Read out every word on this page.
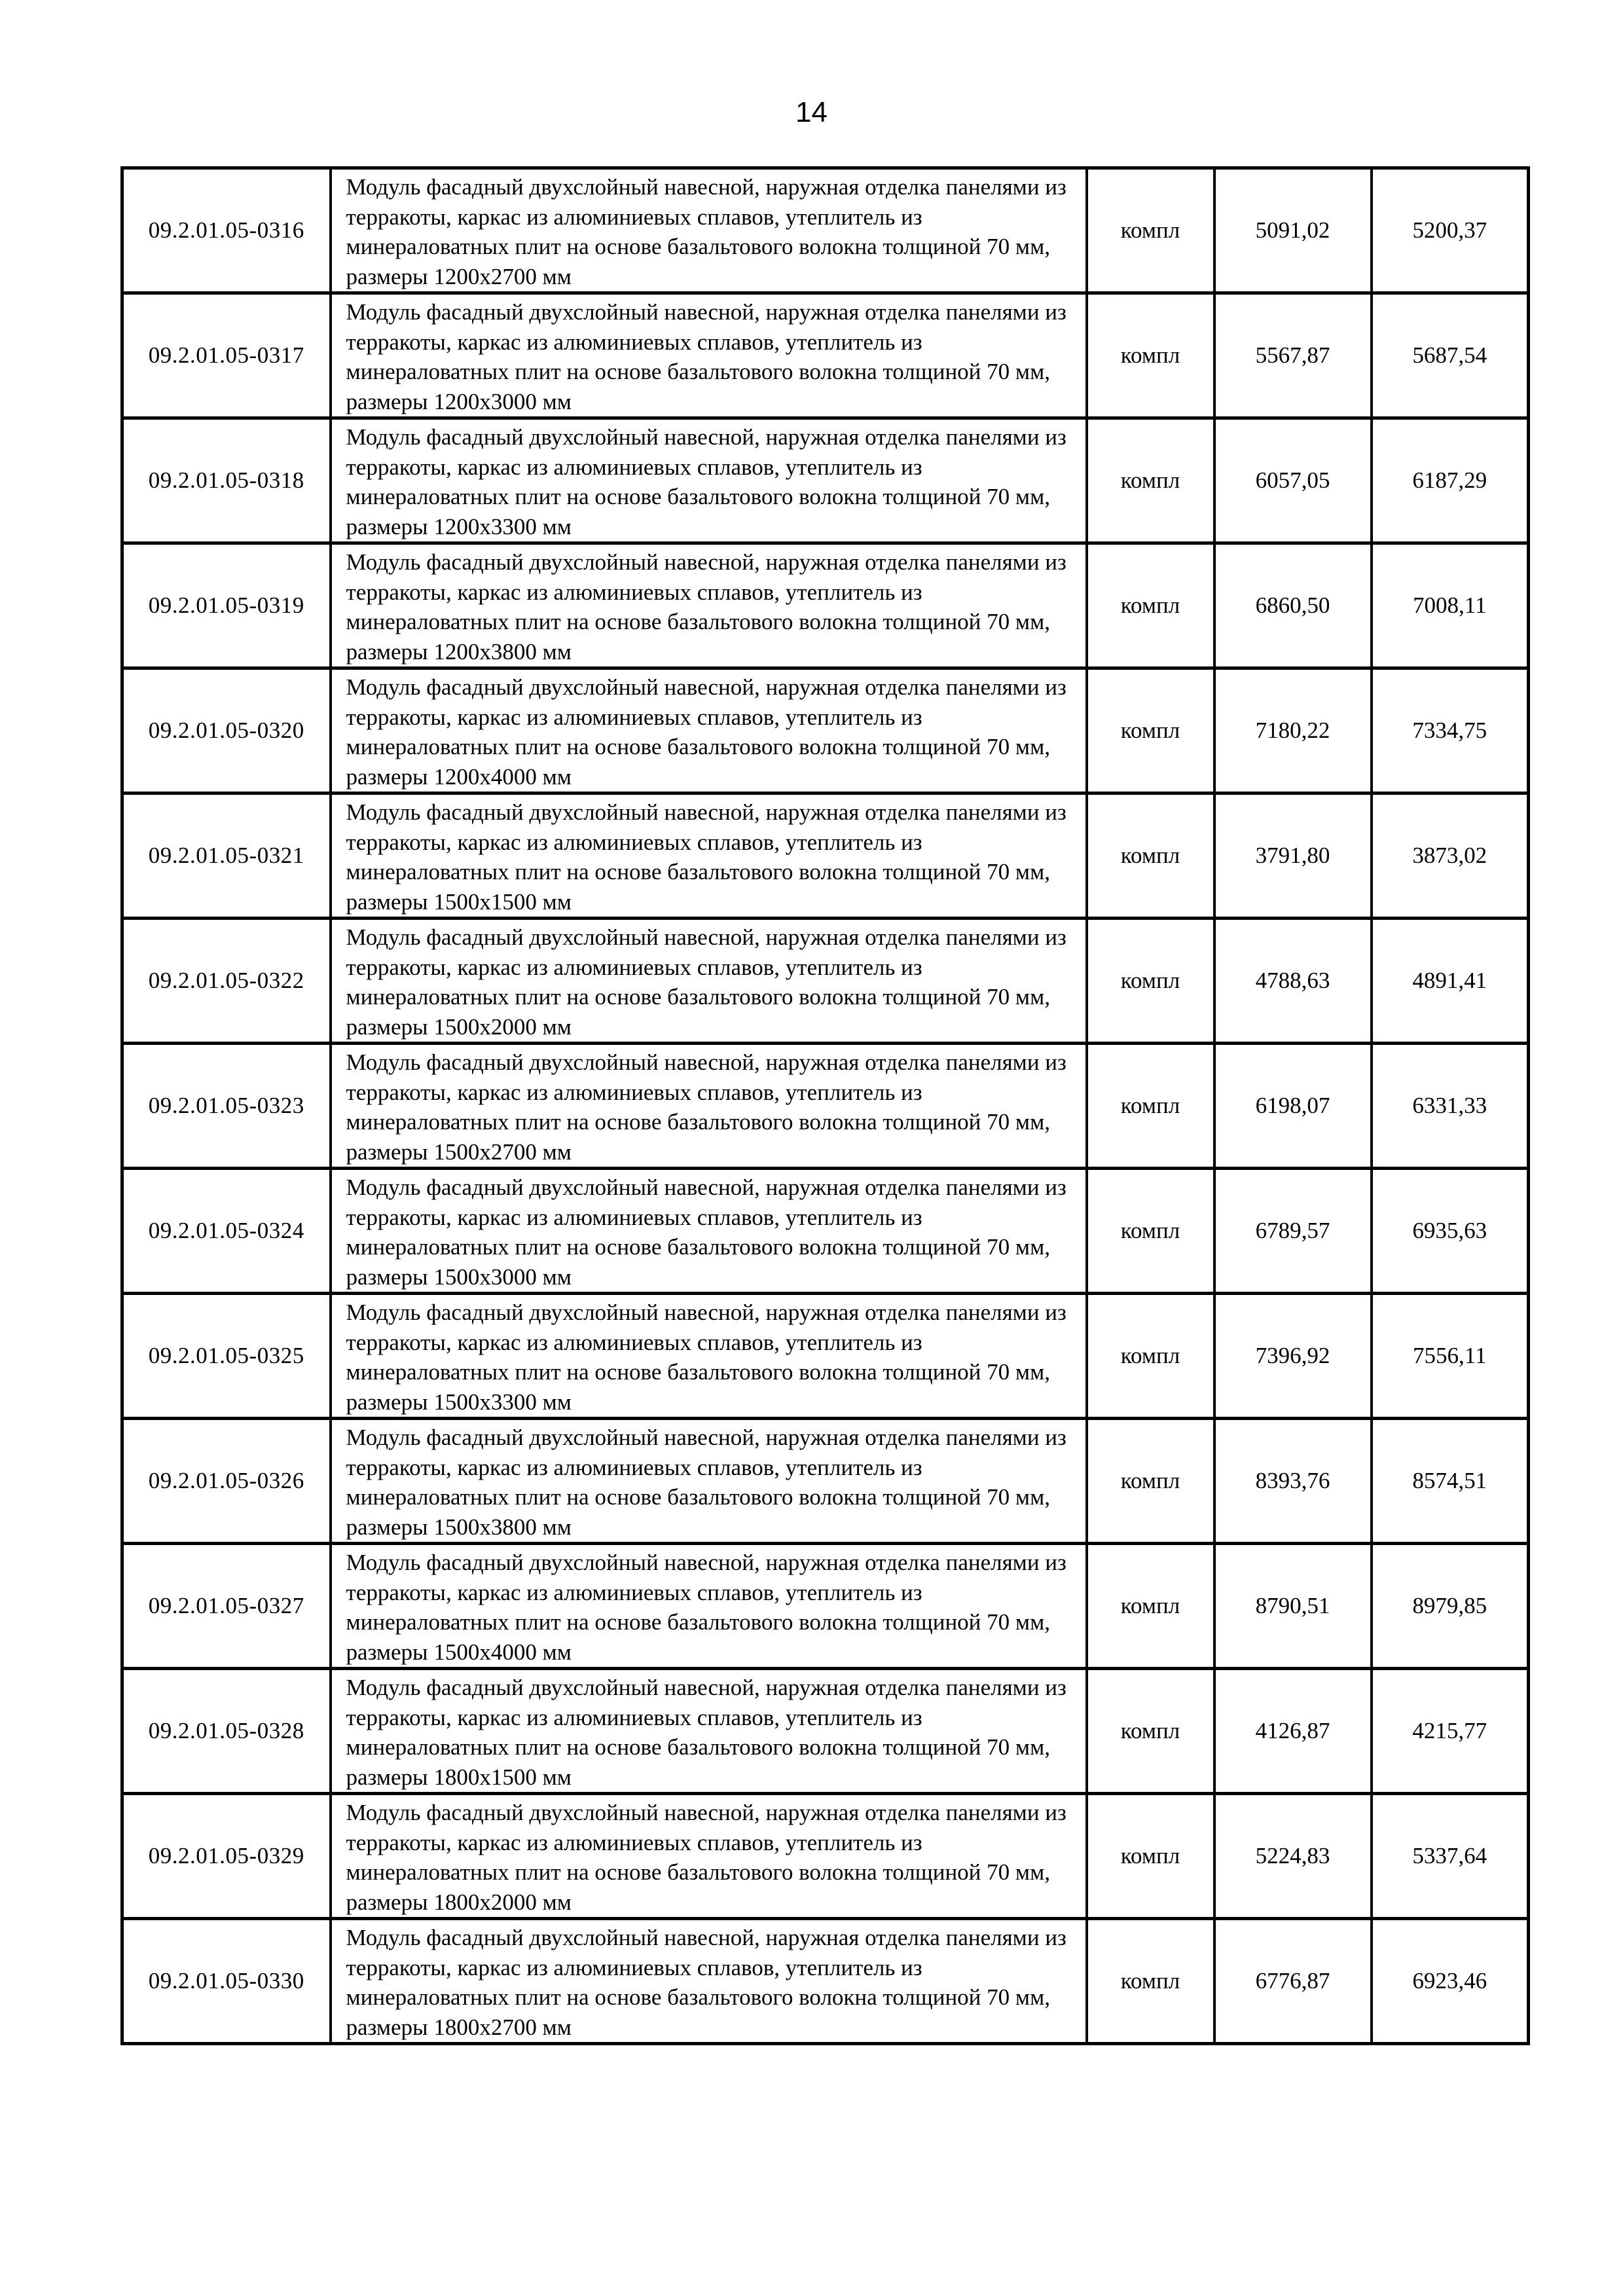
14
09.2.01.05-0316	Модуль фасадный двухслойный навесной, наружная отделка панелями из терракоты, каркас из алюминиевых сплавов, утеплитель из минераловатных плит на основе базальтового волокна толщиной 70 мм, размеры 1200х2700 мм	компл	5091,02	5200,37
09.2.01.05-0317	Модуль фасадный двухслойный навесной, наружная отделка панелями из терракоты, каркас из алюминиевых сплавов, утеплитель из минераловатных плит на основе базальтового волокна толщиной 70 мм, размеры 1200х3000 мм	компл	5567,87	5687,54
09.2.01.05-0318	Модуль фасадный двухслойный навесной, наружная отделка панелями из терракоты, каркас из алюминиевых сплавов, утеплитель из минераловатных плит на основе базальтового волокна толщиной 70 мм, размеры 1200х3300 мм	компл	6057,05	6187,29
09.2.01.05-0319	Модуль фасадный двухслойный навесной, наружная отделка панелями из терракоты, каркас из алюминиевых сплавов, утеплитель из минераловатных плит на основе базальтового волокна толщиной 70 мм, размеры 1200х3800 мм	компл	6860,50	7008,11
09.2.01.05-0320	Модуль фасадный двухслойный навесной, наружная отделка панелями из терракоты, каркас из алюминиевых сплавов, утеплитель из минераловатных плит на основе базальтового волокна толщиной 70 мм, размеры 1200х4000 мм	компл	7180,22	7334,75
09.2.01.05-0321	Модуль фасадный двухслойный навесной, наружная отделка панелями из терракоты, каркас из алюминиевых сплавов, утеплитель из минераловатных плит на основе базальтового волокна толщиной 70 мм, размеры 1500х1500 мм	компл	3791,80	3873,02
09.2.01.05-0322	Модуль фасадный двухслойный навесной, наружная отделка панелями из терракоты, каркас из алюминиевых сплавов, утеплитель из минераловатных плит на основе базальтового волокна толщиной 70 мм, размеры 1500х2000 мм	компл	4788,63	4891,41
09.2.01.05-0323	Модуль фасадный двухслойный навесной, наружная отделка панелями из терракоты, каркас из алюминиевых сплавов, утеплитель из минераловатных плит на основе базальтового волокна толщиной 70 мм, размеры 1500х2700 мм	компл	6198,07	6331,33
09.2.01.05-0324	Модуль фасадный двухслойный навесной, наружная отделка панелями из терракоты, каркас из алюминиевых сплавов, утеплитель из минераловатных плит на основе базальтового волокна толщиной 70 мм, размеры 1500х3000 мм	компл	6789,57	6935,63
09.2.01.05-0325	Модуль фасадный двухслойный навесной, наружная отделка панелями из терракоты, каркас из алюминиевых сплавов, утеплитель из минераловатных плит на основе базальтового волокна толщиной 70 мм, размеры 1500х3300 мм	компл	7396,92	7556,11
09.2.01.05-0326	Модуль фасадный двухслойный навесной, наружная отделка панелями из терракоты, каркас из алюминиевых сплавов, утеплитель из минераловатных плит на основе базальтового волокна толщиной 70 мм, размеры 1500х3800 мм	компл	8393,76	8574,51
09.2.01.05-0327	Модуль фасадный двухслойный навесной, наружная отделка панелями из терракоты, каркас из алюминиевых сплавов, утеплитель из минераловатных плит на основе базальтового волокна толщиной 70 мм, размеры 1500х4000 мм	компл	8790,51	8979,85
09.2.01.05-0328	Модуль фасадный двухслойный навесной, наружная отделка панелями из терракоты, каркас из алюминиевых сплавов, утеплитель из минераловатных плит на основе базальтового волокна толщиной 70 мм, размеры 1800х1500 мм	компл	4126,87	4215,77
09.2.01.05-0329	Модуль фасадный двухслойный навесной, наружная отделка панелями из терракоты, каркас из алюминиевых сплавов, утеплитель из минераловатных плит на основе базальтового волокна толщиной 70 мм, размеры 1800х2000 мм	компл	5224,83	5337,64
09.2.01.05-0330	Модуль фасадный двухслойный навесной, наружная отделка панелями из терракоты, каркас из алюминиевых сплавов, утеплитель из минераловатных плит на основе базальтового волокна толщиной 70 мм, размеры 1800х2700 мм	компл	6776,87	6923,46
